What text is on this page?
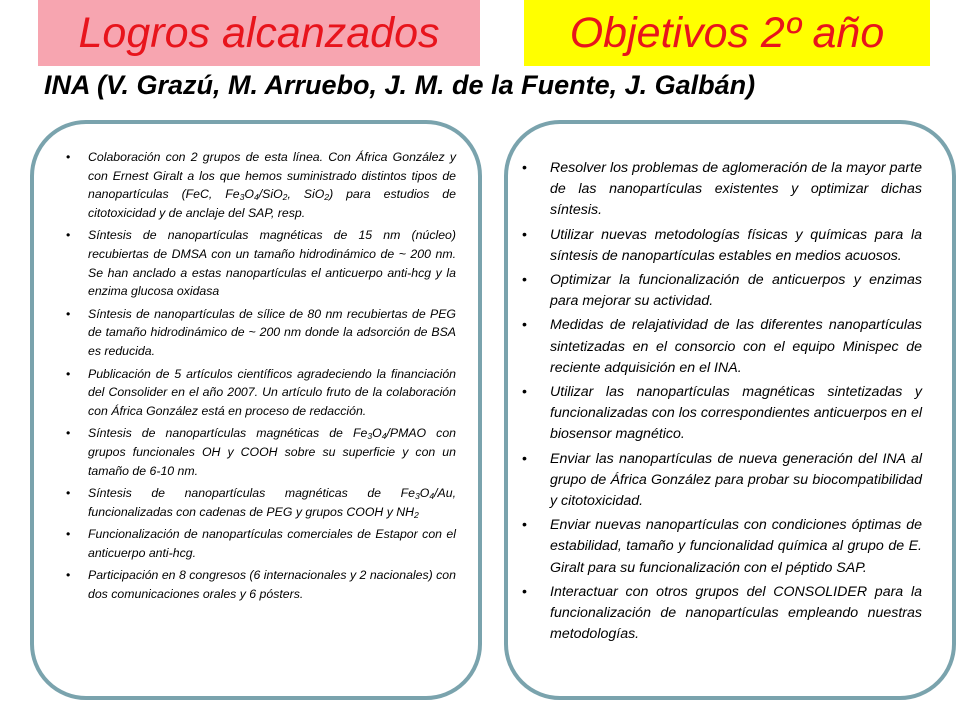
Logros alcanzados	Objetivos 2º año
INA (V. Grazú, M. Arruebo, J. M. de la Fuente, J. Galbán)
• Colaboración con 2 grupos de esta línea. Con África González y con Ernest Giralt a los que hemos suministrado distintos tipos de nanopartículas (FeC, $Fe_3O_4/SiO_2$, SiO$_2$) para estudios de citotoxicidad y de anclaje del SAP, resp.
• Síntesis de nanopartículas magnéticas de 15 nm (núcleo) recubiertas de DMSA con un tamaño hidrodinámico de ~ 200 nm. Se han anclado a estas nanopartículas el anticuerpo anti-hcg y la enzima glucosa oxidasa
• Síntesis de nanopartículas de sílice de 80 nm recubiertas de PEG de tamaño hidrodinámico de ~ 200 nm donde la adsorción de BSA es reducida.
• Publicación de 5 artículos científicos agradeciendo la financiación del Consolider en el año 2007. Un artículo fruto de la colaboración con África González está en proceso de redacción.
• Síntesis de nanopartículas magnéticas de $Fe_3O_4$/PMAO con grupos funcionales OH y COOH sobre su superficie y con un tamaño de 6-10 nm.
• Síntesis de nanopartículas magnéticas de $Fe_3O_4/Au$, funcionalizadas con cadenas de PEG y grupos COOH y $NH_2$
• Funcionalización de nanopartículas comerciales de Estapor con el anticuerpo anti-hcg.
• Participación en 8 congresos (6 internacionales y 2 nacionales) con dos comunicaciones orales y 6 pósters.
• Resolver los problemas de aglomeración de la mayor parte de las nanopartículas existentes y optimizar dichas síntesis.
• Utilizar nuevas metodologías físicas y químicas para la síntesis de nanopartículas estables en medios acuosos.
• Optimizar la funcionalización de anticuerpos y enzimas para mejorar su actividad.
• Medidas de relajatividad de las diferentes nanopartículas sintetizadas en el consorcio con el equipo Minispec de reciente adquisición en el INA.
• Utilizar las nanopartículas magnéticas sintetizadas y funcionalizadas con los correspondientes anticuerpos en el biosensor magnético.
• Enviar las nanopartículas de nueva generación del INA al grupo de África González para probar su biocompatibilidad y citotoxicidad.
• Enviar nuevas nanopartículas con condiciones óptimas de estabilidad, tamaño y funcionalidad química al grupo de E. Giralt para su funcionalización con el péptido SAP.
• Interactuar con otros grupos del CONSOLIDER para la funcionalización de nanopartículas empleando nuestras metodologías.
